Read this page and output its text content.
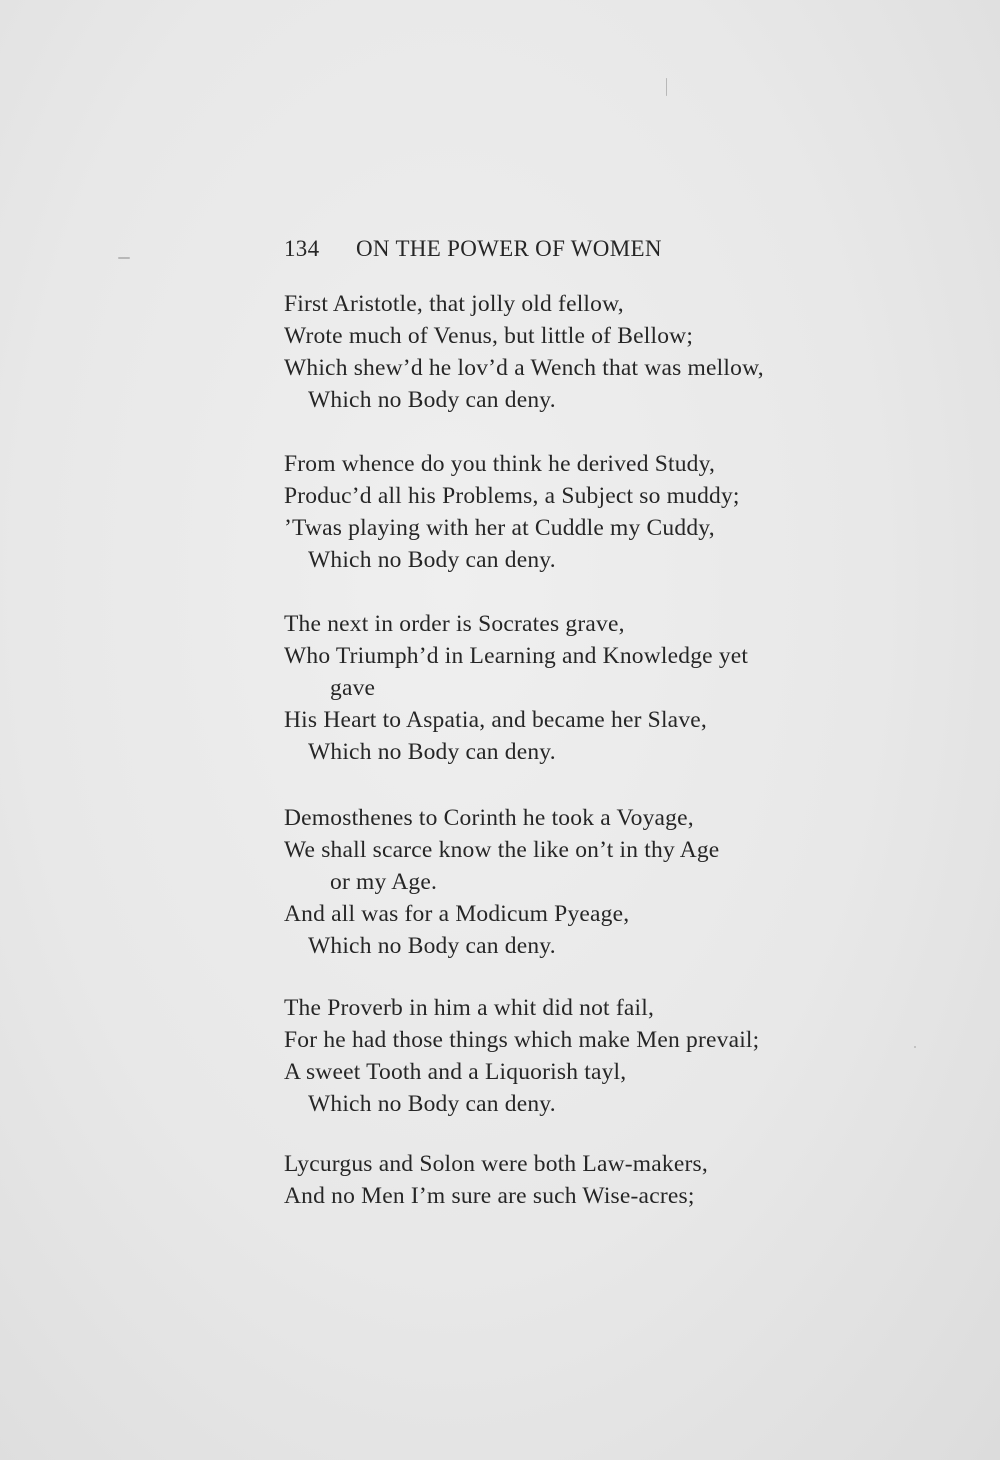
134 ON THE POWER OF WOMEN
First Aristotle, that jolly old fellow,
Wrote much of Venus, but little of Bellow;
Which shew’d he lov’d a Wench that was mellow,
Which no Body can deny.
From whence do you think he derived Study,
Produc’d all his Problems, a Subject so muddy;
’Twas playing with her at Cuddle my Cuddy,
Which no Body can deny.
The next in order is Socrates grave,
Who Triumph’d in Learning and Knowledge yet
gave
His Heart to Aspatia, and became her Slave,
Which no Body can deny.
Demosthenes to Corinth he took a Voyage,
We shall scarce know the like on’t in thy Age
or my Age.
And all was for a Modicum Pyeage,
Which no Body can deny.
The Proverb in him a whit did not fail,
For he had those things which make Men prevail;
A sweet Tooth and a Liquorish tayl,
Which no Body can deny.
Lycurgus and Solon were both Law-makers,
And no Men I’m sure are such Wise-acres;
